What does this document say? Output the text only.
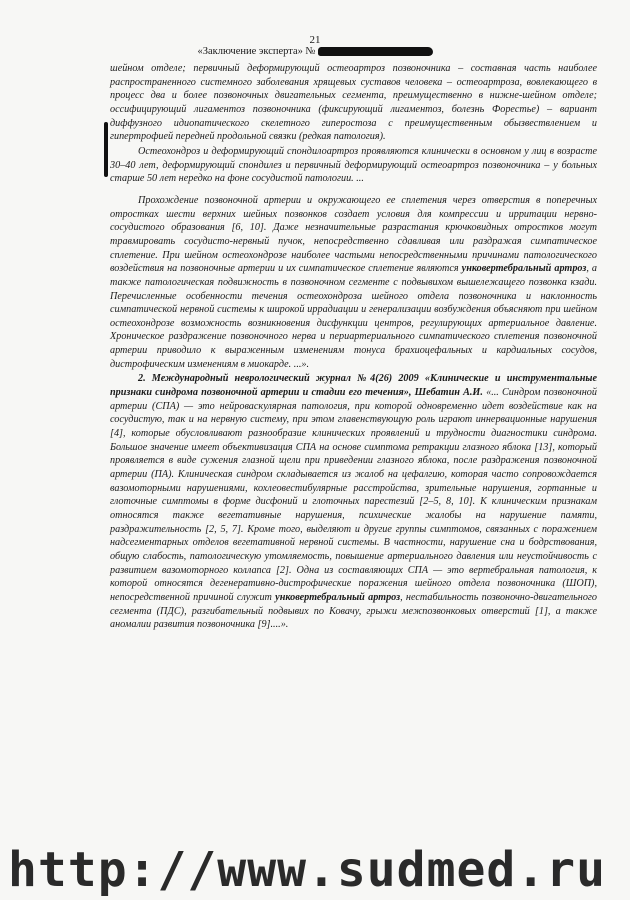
21
«Заключение эксперта» №

шейном отделе; первичный деформирующий остеоартроз позвоночника – составная часть наиболее распространенного системного заболевания хрящевых суставов человека – остеоартроза, вовлекающего в процесс два и более позвоночных двигательных сегмента, преимущественно в нижне-шейном отделе; оссифицирующий лигаментоз позвоночника (фиксирующий лигаментоз, болезнь Форестье) – вариант диффузного идиопатического скелетного гиперостоза с преимущественным обызвествлением и гипертрофией передней продольной связки (редкая патология).

Остеохондроз и деформирующий спондилоартроз проявляются клинически в основном у лиц в возрасте 30–40 лет, деформирующий спондилез и первичный деформирующий остеоартроз позвоночника – у больных старше 50 лет нередко на фоне сосудистой патологии. ...

Прохождение позвоночной артерии и окружающего ее сплетения через отверстия в поперечных отростках шести верхних шейных позвонков создает условия для компрессии и ирритации нервно-сосудистого образования [6, 10]. Даже незначительные разрастания крючковидных отростков могут травмировать сосудисто-нервный пучок, непосредственно сдавливая или раздражая симпатическое сплетение. При шейном остеохондрозе наиболее частыми непосредственными причинами патологического воздействия на позвоночные артерии и их симпатическое сплетение являются унковертебральный артроз, а также патологическая подвижность в позвоночном сегменте с подвывихом вышележащего позвонка кзади. Перечисленные особенности течения остеохондроза шейного отдела позвоночника и наклонность симпатической нервной системы к широкой иррадиации и генерализации возбуждения объясняют при шейном остеохондрозе возможность возникновения дисфункции центров, регулирующих артериальное давление. Хроническое раздражение позвоночного нерва и периартериального симпатического сплетения позвоночной артерии приводило к выраженным изменениям тонуса брахиоцефальных и кардиальных сосудов, дистрофическим изменениям в миокарде. ...».

2. Международный неврологический журнал №4(26) 2009 «Клинические и инструментальные признаки синдрома позвоночной артерии и стадии его течения», Шебатин А.И. «... Синдром позвоночной артерии (СПА) — это нейроваскулярная патология, при которой одновременно идет воздействие как на сосудистую, так и на нервную систему, при этом главенствующую роль играют иннервационные нарушения [4], которые обусловливают разнообразие клинических проявлений и трудности диагностики синдрома. Большое значение имеет объективизация СПА на основе симптома ретракции глазного яблока [13], который проявляется в виде сужения глазной щели при приведении глазного яблока, после раздражения позвоночной артерии (ПА). Клиническая синдром складывается из жалоб на цефалгию, которая часто сопровождается вазомоторными нарушениями, кохлеовестибулярные расстройства, зрительные нарушения, гортанные и глоточные симптомы в форме дисфоний и глоточных парестезий [2–5, 8, 10]. К клиническим признакам относятся также вегетативные нарушения, психические жалобы на нарушение памяти, раздражительность [2, 5, 7]. Кроме того, выделяют и другие группы симптомов, связанных с поражением надсегментарных отделов вегетативной нервной системы. В частности, нарушение сна и бодрствования, общую слабость, патологическую утомляемость, повышение артериального давления или неустойчивость с развитием вазомоторного коллапса [2]. Одна из составляющих СПА — это вертебральная патология, к которой относятся дегенеративно-дистрофические поражения шейного отдела позвоночника (ШОП), непосредственной причиной служит унковертебральный артроз, нестабильность позвоночно-двигательного сегмента (ПДС), разгибательный подвывих по Ковачу, грыжи межпозвонковых отверстий [1], а также аномалии развития позвоночника [9]....».

http://www.sudmed.ru
